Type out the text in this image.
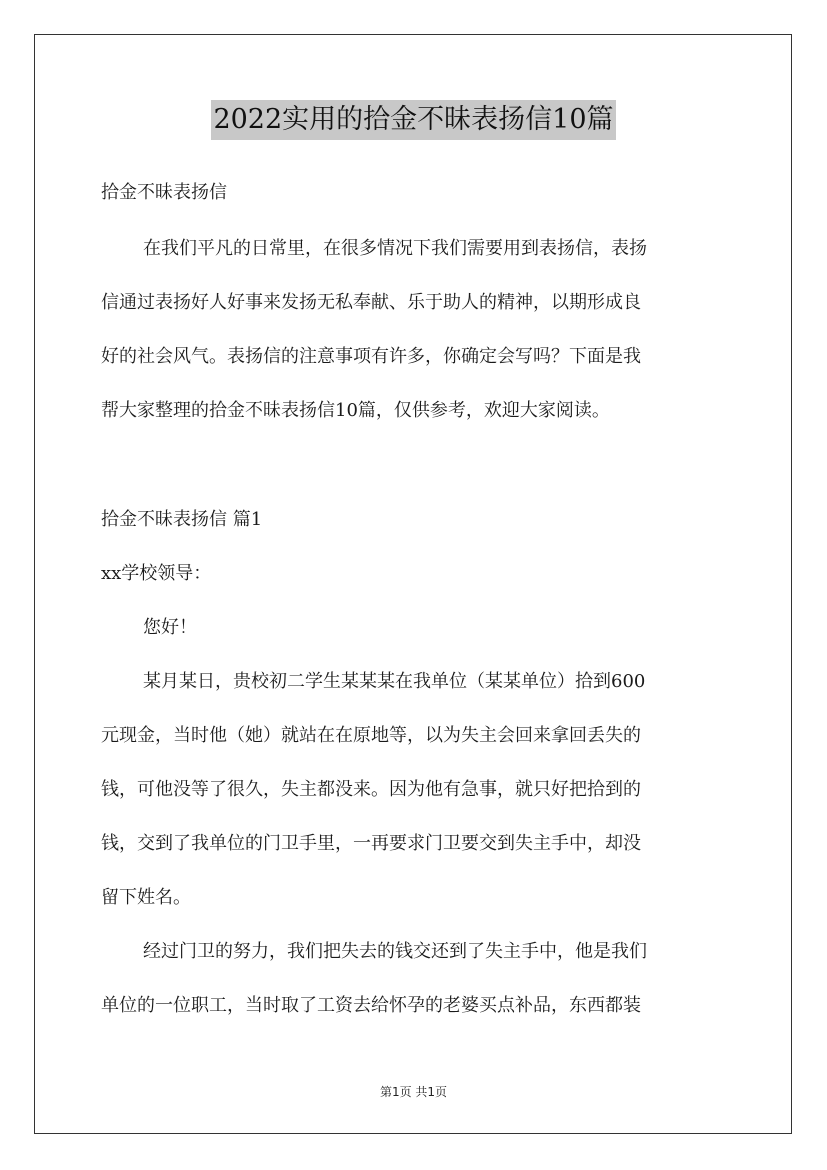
2022实用的拾金不昧表扬信10篇
拾金不昧表扬信
在我们平凡的日常里，在很多情况下我们需要用到表扬信，表扬
信通过表扬好人好事来发扬无私奉献、乐于助人的精神，以期形成良
好的社会风气。表扬信的注意事项有许多，你确定会写吗？下面是我
帮大家整理的拾金不昧表扬信10篇，仅供参考，欢迎大家阅读。
拾金不昧表扬信 篇1
xx学校领导：
您好！
某月某日，贵校初二学生某某某在我单位（某某单位）拾到600
元现金，当时他（她）就站在在原地等，以为失主会回来拿回丢失的
钱，可他没等了很久，失主都没来。因为他有急事，就只好把拾到的
钱，交到了我单位的门卫手里，一再要求门卫要交到失主手中，却没
留下姓名。
经过门卫的努力，我们把失去的钱交还到了失主手中，他是我们
单位的一位职工，当时取了工资去给怀孕的老婆买点补品，东西都装
第1页 共1页
